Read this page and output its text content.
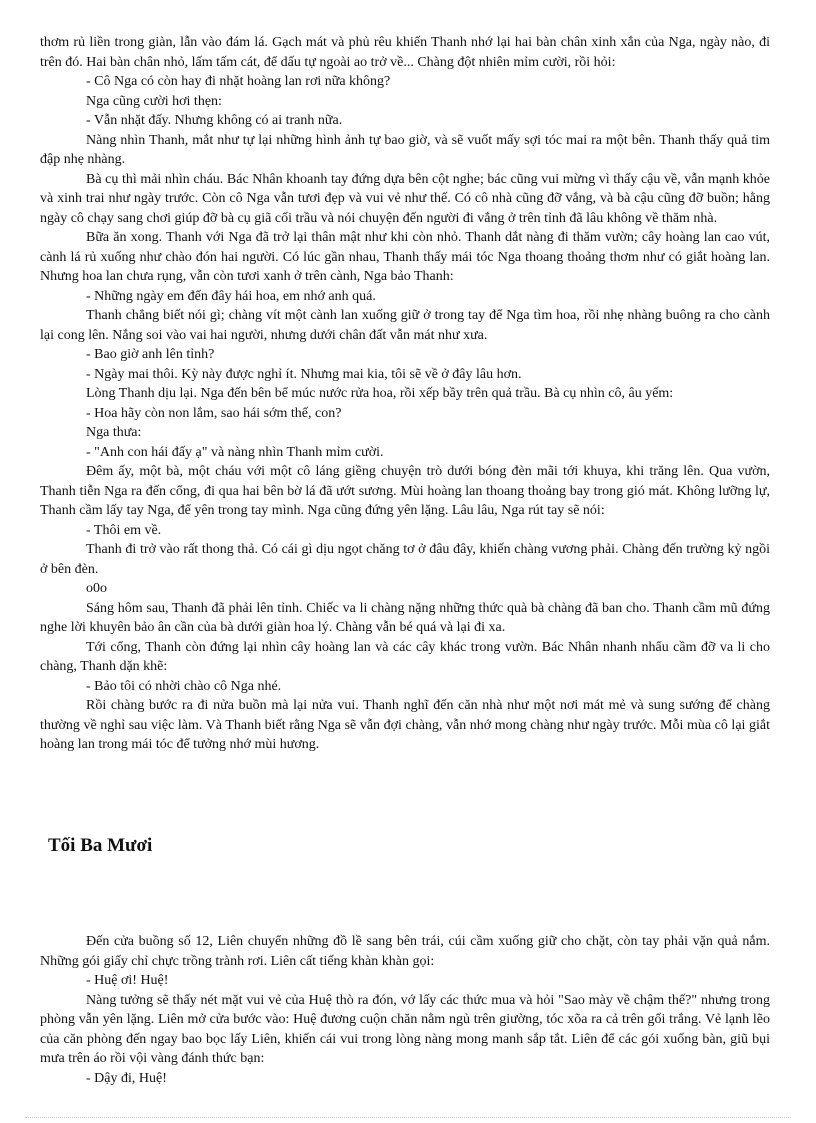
thơm rủ liền trong giàn, lẫn vào đám lá. Gạch mát và phủ rêu khiến Thanh nhớ lại hai bàn chân xinh xắn của Nga, ngày nào, đi trên đó. Hai bàn chân nhỏ, lấm tấm cát, để dấu tự ngoài ao trở về... Chàng đột nhiên mỉm cười, rồi hỏi:

- Cô Nga có còn hay đi nhặt hoàng lan rơi nữa không?

Nga cũng cười hơi thẹn:

- Vẫn nhặt đấy. Nhưng không có ai tranh nữa.

Nàng nhìn Thanh, mắt như tự lại những hình ảnh tự bao giờ, và sẽ vuốt mấy sợi tóc mai ra một bên. Thanh thấy quả tim đập nhẹ nhàng.

Bà cụ thì mải nhìn cháu. Bác Nhân khoanh tay đứng dựa bên cột nghe; bác cũng vui mừng vì thấy cậu về, vẫn mạnh khỏe và xinh trai như ngày trước. Còn cô Nga vẫn tươi đẹp và vui vẻ như thế. Có cô nhà cũng đỡ vắng, và bà cậu cũng đỡ buồn; hằng ngày cô chạy sang chơi giúp đỡ bà cụ giã cối trầu và nói chuyện đến người đi vắng ở trên tỉnh đã lâu không về thăm nhà.

Bữa ăn xong. Thanh với Nga đã trở lại thân mật như khi còn nhỏ. Thanh dắt nàng đi thăm vườn; cây hoàng lan cao vút, cành lá rủ xuống như chào đón hai người. Có lúc gần nhau, Thanh thấy mái tóc Nga thoang thoảng thơm như có giắt hoàng lan. Nhưng hoa lan chưa rụng, vẫn còn tươi xanh ở trên cành, Nga bảo Thanh:

- Những ngày em đến đây hái hoa, em nhớ anh quá.

Thanh chẳng biết nói gì; chàng vít một cành lan xuống giữ ở trong tay để Nga tìm hoa, rồi nhẹ nhàng buông ra cho cành lại cong lên. Nắng soi vào vai hai người, nhưng dưới chân đất vẫn mát như xưa.

- Bao giờ anh lên tỉnh?

- Ngày mai thôi. Kỳ này được nghỉ ít. Nhưng mai kia, tôi sẽ về ở đây lâu hơn.

Lòng Thanh dịu lại. Nga đến bên bể múc nước rửa hoa, rồi xếp bầy trên quả trầu. Bà cụ nhìn cô, âu yếm:

- Hoa hãy còn non lắm, sao hái sớm thế, con?

Nga thưa:

- "Anh con hái đấy ạ" và nàng nhìn Thanh mỉm cười.

Đêm ấy, một bà, một cháu với một cô láng giềng chuyện trò dưới bóng đèn mãi tới khuya, khi trăng lên. Qua vườn, Thanh tiễn Nga ra đến cổng, đi qua hai bên bờ lá đã ướt sương. Mùi hoàng lan thoang thoảng bay trong gió mát. Không lưỡng lự, Thanh cầm lấy tay Nga, để yên trong tay mình. Nga cũng đứng yên lặng. Lâu lâu, Nga rút tay sẽ nói:

- Thôi em về.

Thanh đi trở vào rất thong thả. Có cái gì dịu ngọt chăng tơ ở đâu đây, khiến chàng vương phải. Chàng đến trường kỷ ngồi ở bên đèn.

o0o

Sáng hôm sau, Thanh đã phải lên tỉnh. Chiếc va li chàng nặng những thức quà bà chàng đã ban cho. Thanh cầm mũ đứng nghe lời khuyên bảo ân cần của bà dưới giàn hoa lý. Chàng vẫn bé quá và lại đi xa.

Tới cổng, Thanh còn đứng lại nhìn cây hoàng lan và các cây khác trong vườn. Bác Nhân nhanh nhẩu cầm đỡ va li cho chàng, Thanh dặn khẽ:

- Bảo tôi có nhời chào cô Nga nhé.

Rồi chàng bước ra đi nửa buồn mà lại nửa vui. Thanh nghĩ đến căn nhà như một nơi mát mẻ và sung sướng để chàng thường về nghỉ sau việc làm. Và Thanh biết rằng Nga sẽ vẫn đợi chàng, vẫn nhớ mong chàng như ngày trước. Mỗi mùa cô lại giắt hoàng lan trong mái tóc để tưởng nhớ mùi hương.

Tối Ba Mươi

Đến cửa buồng số 12, Liên chuyển những đồ lề sang bên trái, cúi cầm xuống giữ cho chặt, còn tay phải vặn quả nắm. Những gói giấy chỉ chực trồng trành rơi. Liên cất tiếng khàn khàn gọi:

- Huệ ơi! Huệ!

Nàng tưởng sẽ thấy nét mặt vui vẻ của Huệ thò ra đón, vớ lấy các thức mua và hỏi "Sao mày về chậm thế?" nhưng trong phòng vẫn yên lặng. Liên mở cửa bước vào: Huệ đương cuộn chăn nằm ngủ trên giường, tóc xõa ra cả trên gối trắng. Vẻ lạnh lẽo của căn phòng đến ngay bao bọc lấy Liên, khiến cái vui trong lòng nàng mong manh sắp tắt. Liên để các gói xuống bàn, giũ bụi mưa trên áo rồi vội vàng đánh thức bạn:

- Dậy đi, Huệ!
